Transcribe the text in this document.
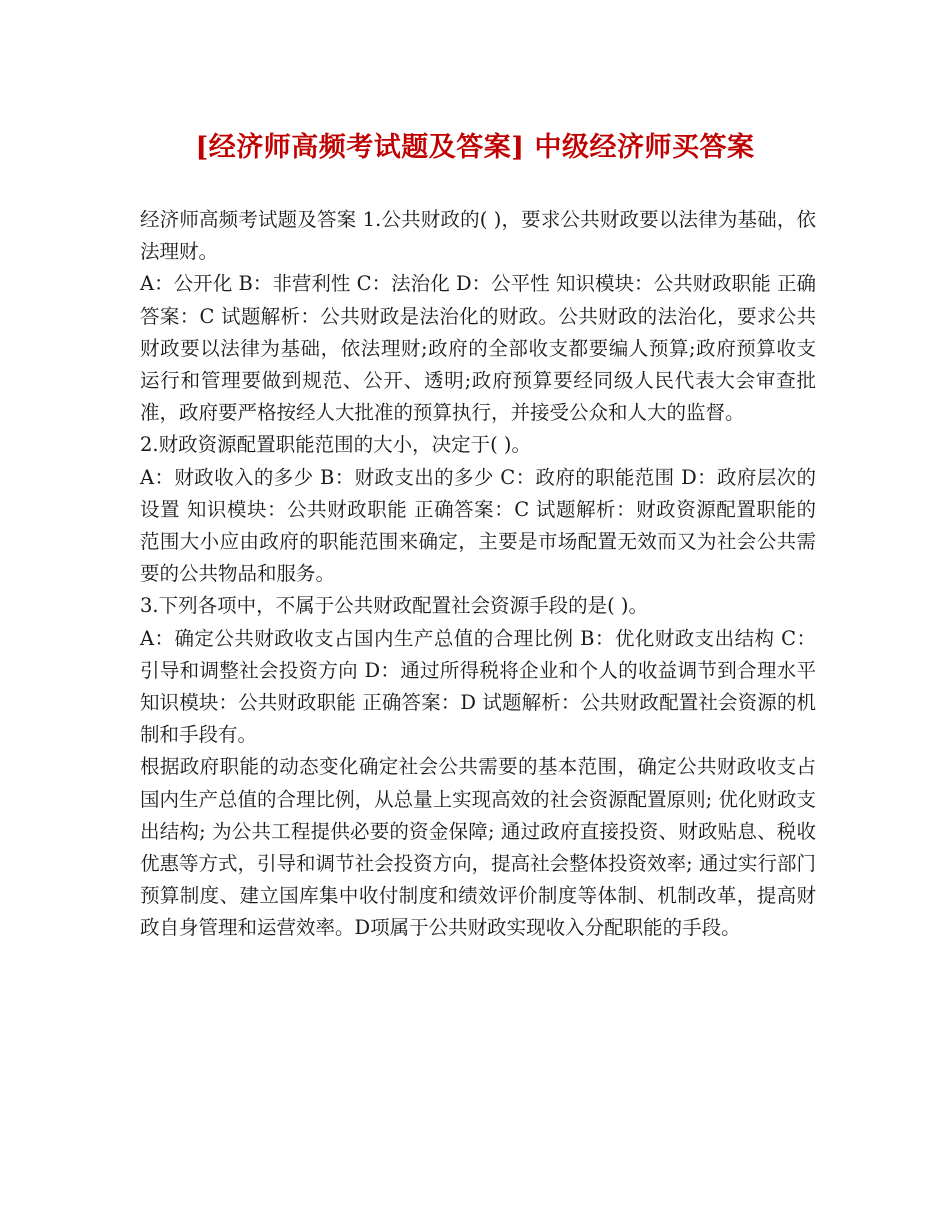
[经济师高频考试题及答案] 中级经济师买答案

经济师高频考试题及答案 1.公共财政的( )，要求公共财政要以法律为基础，依法理财。

A：公开化 B：非营利性 C：法治化 D：公平性 知识模块：公共财政职能 正确答案：C 试题解析：公共财政是法治化的财政。公共财政的法治化，要求公共财政要以法律为基础，依法理财;政府的全部收支都要编人预算;政府预算收支运行和管理要做到规范、公开、透明;政府预算要经同级人民代表大会审查批准，政府要严格按经人大批准的预算执行，并接受公众和人大的监督。

2.财政资源配置职能范围的大小，决定于( )。

A：财政收入的多少 B：财政支出的多少 C：政府的职能范围 D：政府层次的设置 知识模块：公共财政职能 正确答案：C 试题解析：财政资源配置职能的范围大小应由政府的职能范围来确定，主要是市场配置无效而又为社会公共需要的公共物品和服务。

3.下列各项中，不属于公共财政配置社会资源手段的是( )。

A：确定公共财政收支占国内生产总值的合理比例 B：优化财政支出结构 C：引导和调整社会投资方向 D：通过所得税将企业和个人的收益调节到合理水平 知识模块：公共财政职能 正确答案：D 试题解析：公共财政配置社会资源的机制和手段有。

根据政府职能的动态变化确定社会公共需要的基本范围，确定公共财政收支占国内生产总值的合理比例，从总量上实现高效的社会资源配置原则; 优化财政支出结构; 为公共工程提供必要的资金保障; 通过政府直接投资、财政贴息、税收优惠等方式，引导和调节社会投资方向，提高社会整体投资效率; 通过实行部门预算制度、建立国库集中收付制度和绩效评价制度等体制、机制改革，提高财政自身管理和运营效率。D项属于公共财政实现收入分配职能的手段。
